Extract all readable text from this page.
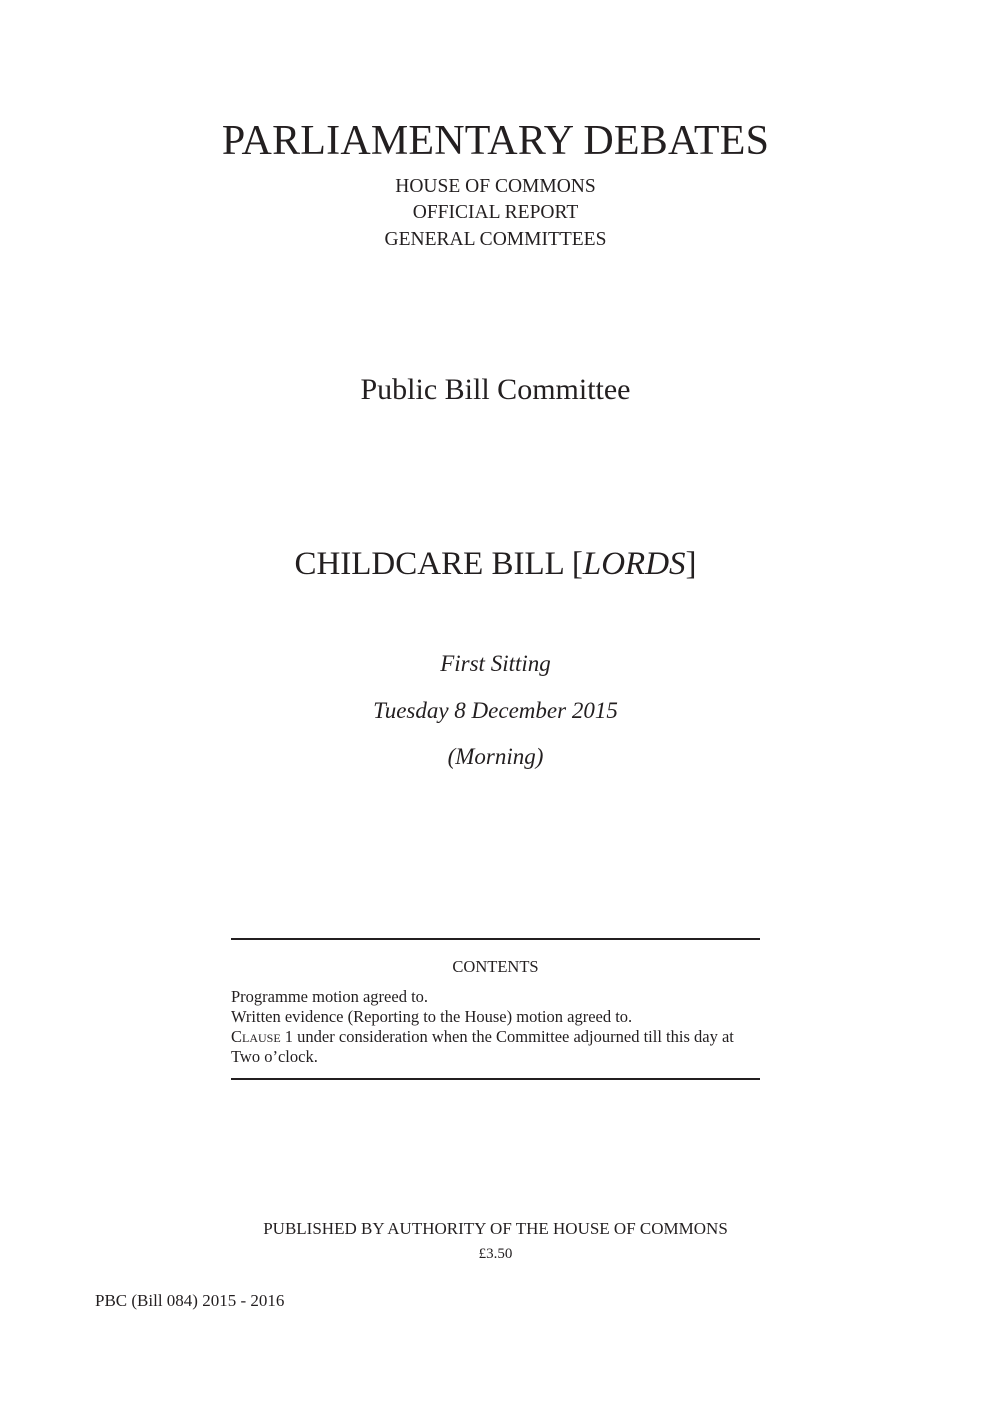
PARLIAMENTARY DEBATES
HOUSE OF COMMONS
OFFICIAL REPORT
GENERAL COMMITTEES
Public Bill Committee
CHILDCARE BILL [LORDS]
First Sitting
Tuesday 8 December 2015
(Morning)
CONTENTS
Programme motion agreed to.
Written evidence (Reporting to the House) motion agreed to.
Clause 1 under consideration when the Committee adjourned till this day at Two o’clock.
PUBLISHED BY AUTHORITY OF THE HOUSE OF COMMONS
£3.50
PBC (Bill 084) 2015 - 2016
